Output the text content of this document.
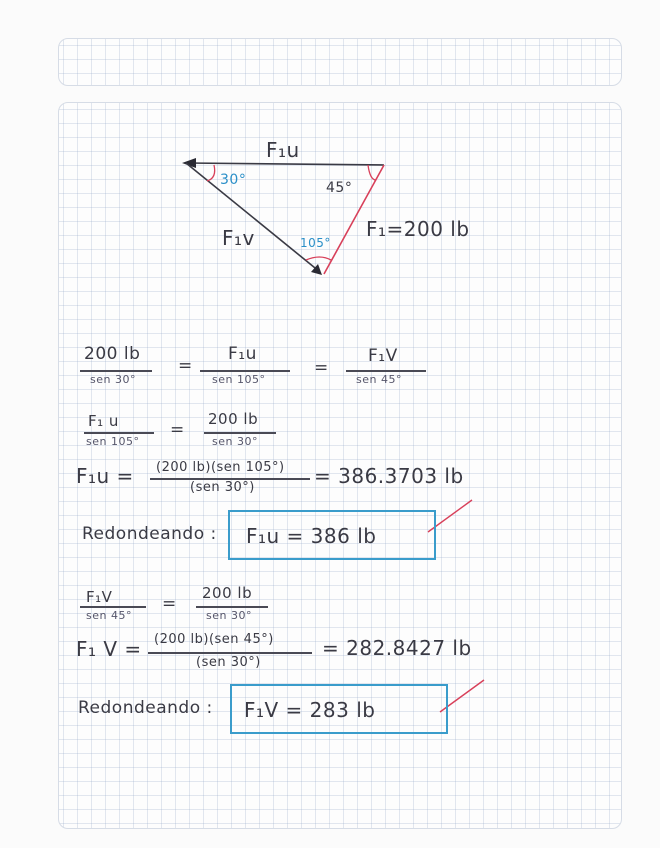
F₁u
F₁v	F₁=200 lb
30°	45°
105°
200 lb
sen 30°
=
F₁u
sen 105°
=
F₁V
sen 45°
F₁ u
sen 105°
=
200 lb
sen 30°
F₁u = (200 lb)(sen 105°)
(sen 30°)	= 386.3703 lb
Redondeando : F₁u = 386 lb
F₁V
sen 45°
=
200 lb
sen 30°
F₁ V = (200 lb)(sen 45°)
(sen 30°)
= 282.8427 lb
Redondeando : F₁V = 283 lb
